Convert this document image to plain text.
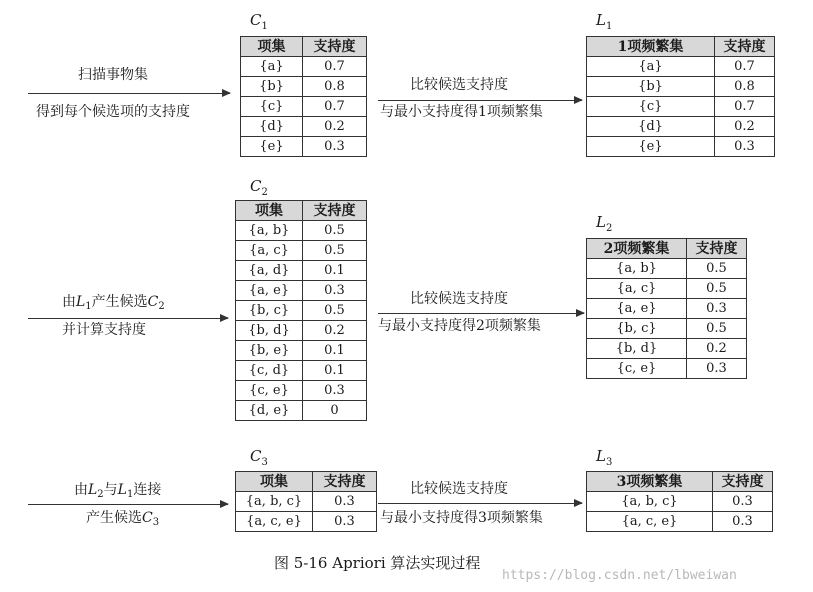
扫描事物集
得到每个候选项的支持度
$C_1$
项集	支持度
{a}	0.7
{b}	0.8
{c}	0.7
{d}	0.2
{e}	0.3
比较候选支持度
与最小支持度得1项频繁集
$L_1$
1项频繁集	支持度
{a}	0.7
{b}	0.8
{c}	0.7
{d}	0.2
{e}	0.3
$C_2$
项集	支持度
{a, b}	0.5
{a, c}	0.5
{a, d}	0.1
{a, e}	0.3
{b, c}	0.5
{b, d}	0.2
{b, e}	0.1
{c, d}	0.1
{c, e}	0.3
{d, e}	0
由$L_1$产生候选$C_2$
并计算支持度
比较候选支持度
与最小支持度得2项频繁集
$L_2$
2项频繁集	支持度
{a, b}	0.5
{a, c}	0.5
{a, e}	0.3
{b, c}	0.5
{b, d}	0.2
{c, e}	0.3
$C_3$
项集	支持度
{a, b, c}	0.3
{a, c, e}	0.3
由$L_2$与$L_1$连接
产生候选$C_3$
比较候选支持度
与最小支持度得3项频繁集
$L_3$
3项频繁集	支持度
{a, b, c}	0.3
{a, c, e}	0.3
图 5-16 Apriori 算法实现过程
https://blog.csdn.net/lbweiwan
